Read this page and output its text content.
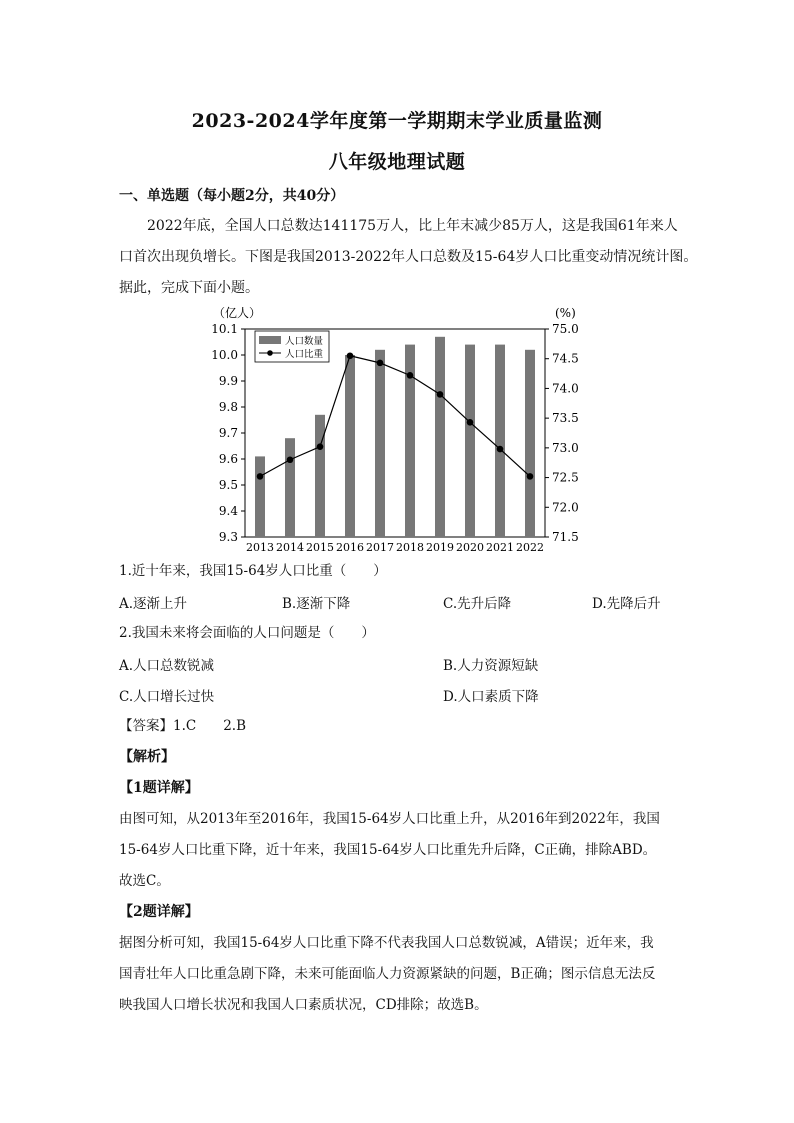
2023-2024学年度第一学期期末学业质量监测
八年级地理试题
一、单选题（每小题2分，共40分）
2022年底，全国人口总数达141175万人，比上年末减少85万人，这是我国61年来人
口首次出现负增长。下图是我国2013-2022年人口总数及15-64岁人口比重变动情况统计图。
据此，完成下面小题。
（亿人）	(%)
9.3
9.4
9.5
9.6
9.7
9.8
9.9
10.0
10.1
71.5
72.0
72.5
73.0
73.5
74.0
74.5
75.0
2013 2014 2015 2016 2017 2018 2019 2020 2021 2022
人口数量
人口比重
1.近十年来，我国15-64岁人口比重（　　）
A.逐渐上升	B.逐渐下降	C.先升后降	D.先降后升
2.我国未来将会面临的人口问题是（　　）
A.人口总数锐减	B.人力资源短缺
C.人口增长过快	D.人口素质下降
【答案】1.C　　2.B
【解析】
【1题详解】
由图可知，从2013年至2016年，我国15-64岁人口比重上升，从2016年到2022年，我国
15-64岁人口比重下降，近十年来，我国15-64岁人口比重先升后降，C正确，排除ABD。
故选C。
【2题详解】
据图分析可知，我国15-64岁人口比重下降不代表我国人口总数锐减，A错误；近年来，我
国青壮年人口比重急剧下降，未来可能面临人力资源紧缺的问题，B正确；图示信息无法反
映我国人口增长状况和我国人口素质状况，CD排除；故选B。
